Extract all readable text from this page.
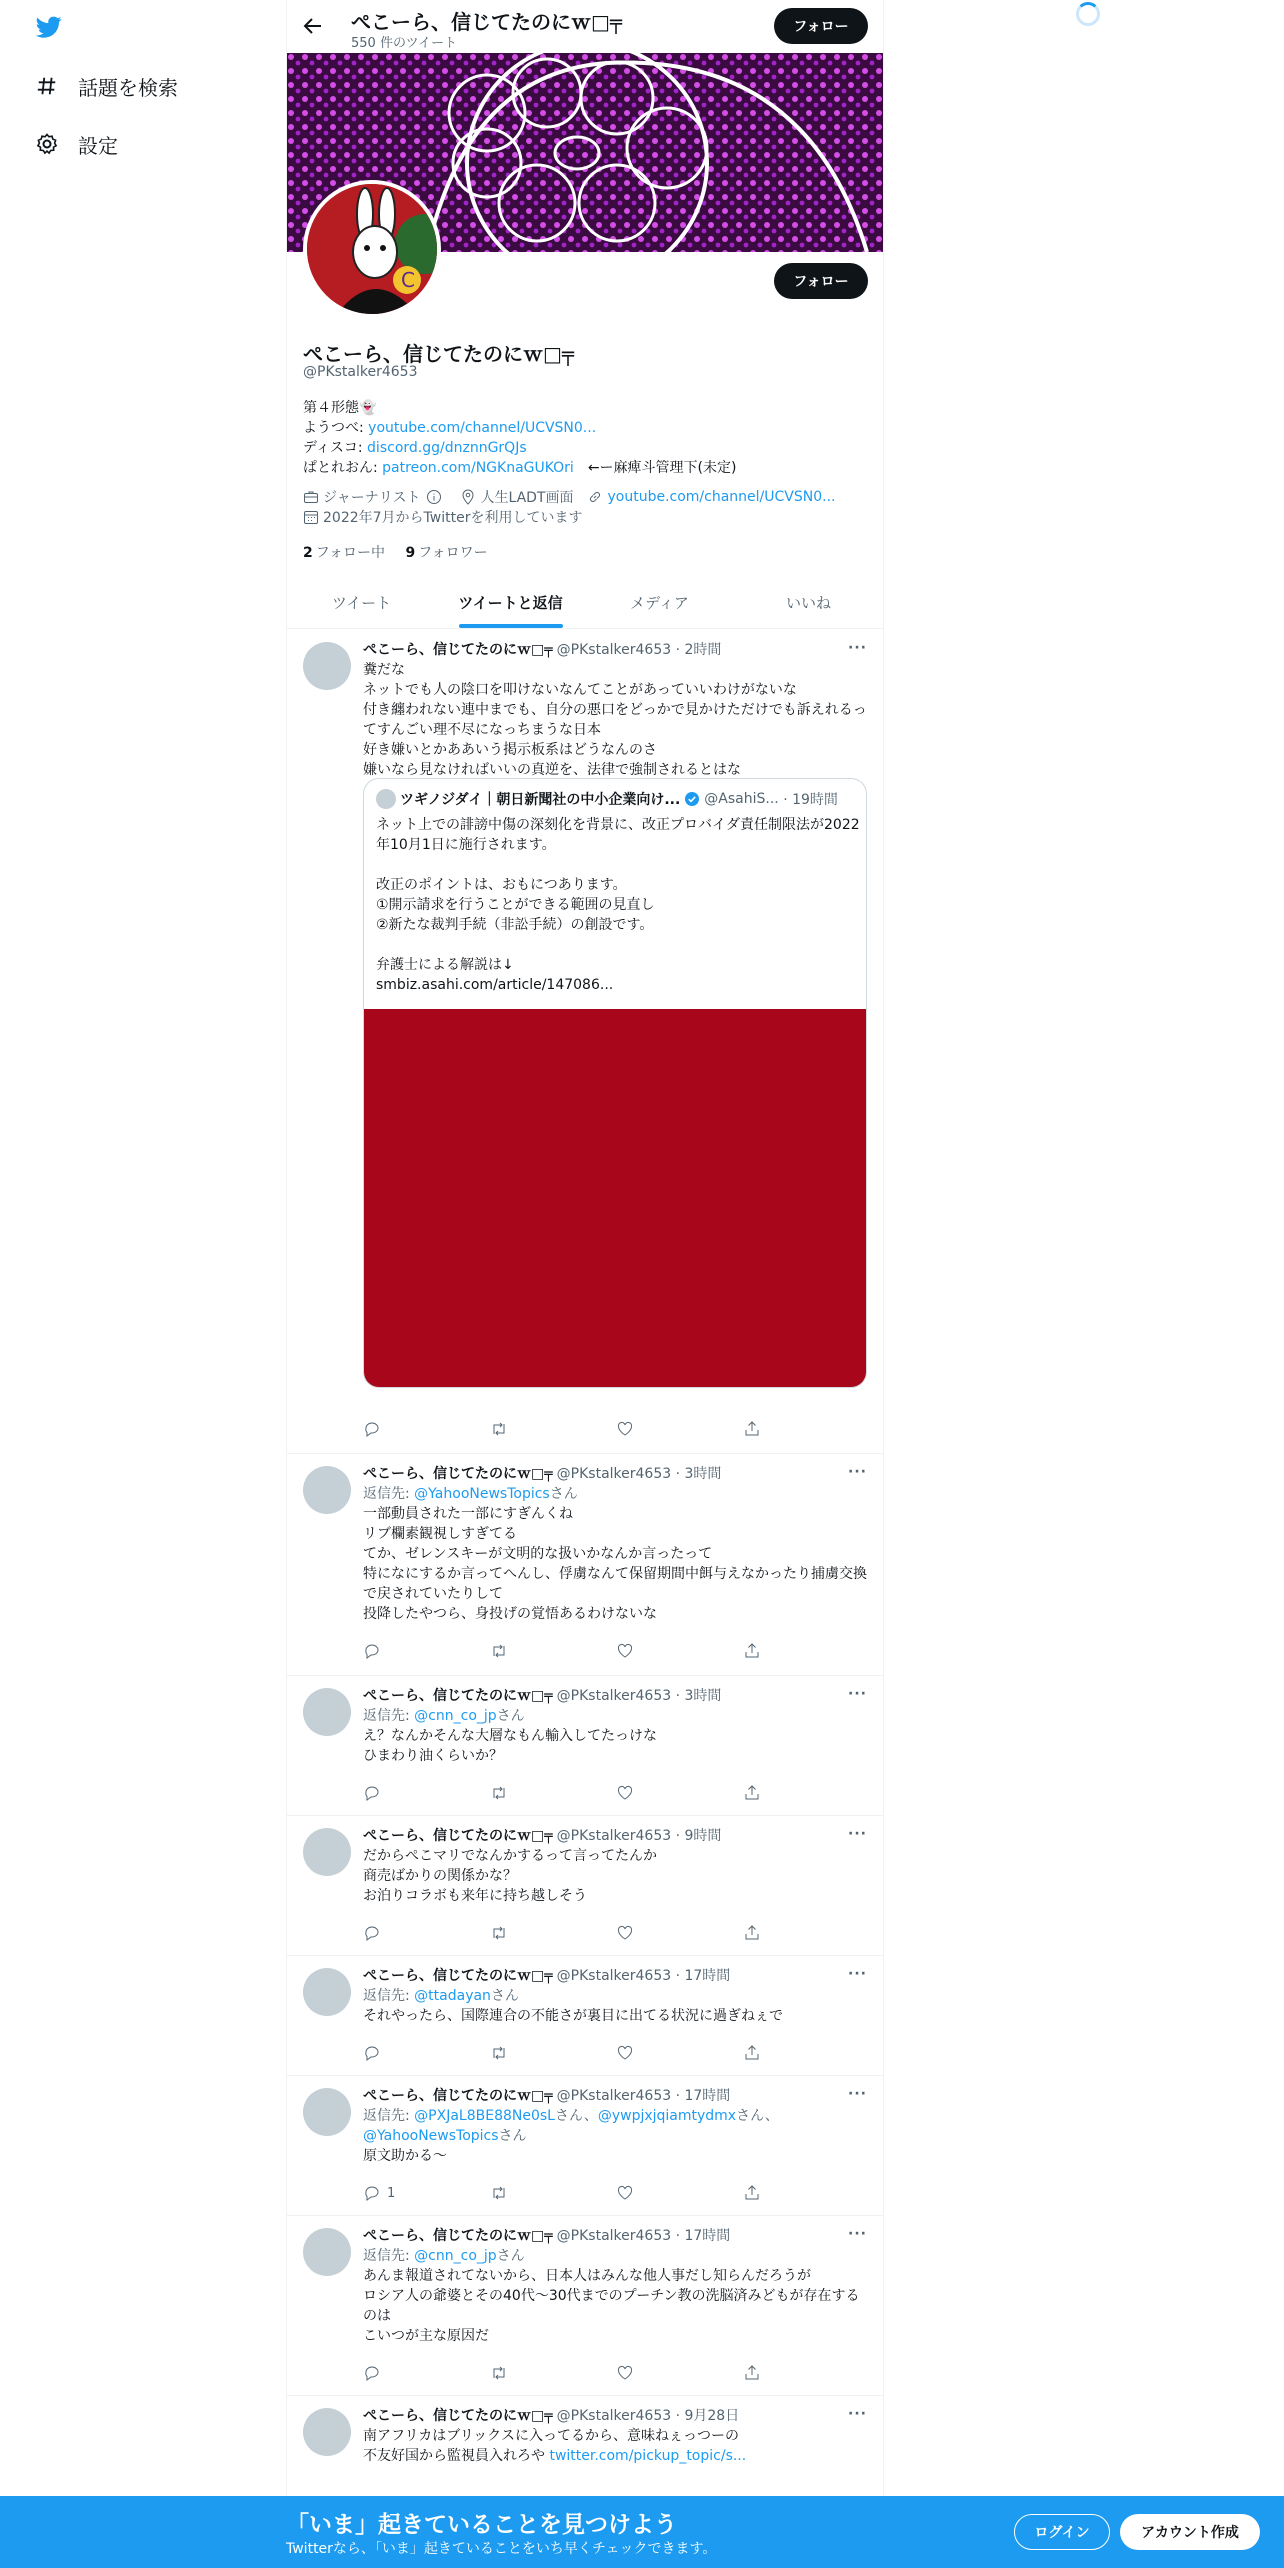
話題を検索
設定
ぺこーら、信じてたのにｗ□╤
550 件のツイート
フォロー
C	フォロー
ぺこーら、信じてたのにｗ□╤
@PKstalker4653
第４形態👻
ようつべ: youtube.com/channel/UCVSN0...
ディスコ: discord.gg/dnznnGrQJs
ぱとれおん: patreon.com/NGKnaGUKOri　←ー麻痺斗管理下(未定)
ジャーナリスト	人生LADT画面 youtube.com/channel/UCVSN0...
2022年7月からTwitterを利用しています
2 フォロー中 9 フォロワー
ツイート	ツイートと返信	メディア	いいね
···
ぺこーら、信じてたのにｗ□╤ @PKstalker4653
· 2時間
糞だな
ネットでも人の陰口を叩けないなんてことがあっていいわけがないな
付き纏われない連中までも、自分の悪口をどっかで見かけただけでも訴えれるってすんごい理不尽になっちまうな日本
好き嫌いとかああいう掲示板系はどうなんのさ
嫌いなら見なければいいの真逆を、法律で強制されるとはな
ツギノジダイ｜朝日新聞社の中小企業向け... @AsahiS...
· 19時間
ネット上での誹謗中傷の深刻化を背景に、改正プロバイダ責任制限法が2022年10月1日に施行されます。

改正のポイントは、おもにつあります。
①開示請求を行うことができる範囲の見直し
②新たな裁判手続（非訟手続）の創設です。

弁護士による解説は↓
smbiz.asahi.com/article/147086...
···
ぺこーら、信じてたのにｗ□╤ @PKstalker4653
· 3時間
返信先: @YahooNewsTopicsさん
一部動員された一部にすぎんくね
リブ欄素観視しすぎてる
てか、ゼレンスキーが文明的な扱いかなんか言ったって
特になにするか言ってへんし、俘虜なんて保留期間中餌与えなかったり捕虜交換で戻されていたりして
投降したやつら、身投げの覚悟あるわけないな
···
ぺこーら、信じてたのにｗ□╤ @PKstalker4653
· 3時間
返信先: @cnn_co_jpさん
え？なんかそんな大層なもん輸入してたっけな
ひまわり油くらいか？
···
ぺこーら、信じてたのにｗ□╤ @PKstalker4653
· 9時間
だからぺこマリでなんかするって言ってたんか
商売ばかりの関係かな？
お泊りコラボも来年に持ち越しそう
···
ぺこーら、信じてたのにｗ□╤ @PKstalker4653
· 17時間
返信先: @ttadayanさん
それやったら、国際連合の不能さが裏目に出てる状況に過ぎねぇで
···
ぺこーら、信じてたのにｗ□╤ @PKstalker4653
· 17時間
返信先: @PXJaL8BE88Ne0sLさん、@ywpjxjqiamtydmxさん、
@YahooNewsTopicsさん
原文助かる〜
1
···
ぺこーら、信じてたのにｗ□╤ @PKstalker4653
· 17時間
返信先: @cnn_co_jpさん
あんま報道されてないから、日本人はみんな他人事だし知らんだろうが
ロシア人の爺婆とその40代〜30代までのプーチン教の洗脳済みどもが存在するのは
こいつが主な原因だ
···
ぺこーら、信じてたのにｗ□╤ @PKstalker4653
· 9月28日
南アフリカはブリックスに入ってるから、意味ねぇっつーの
不友好国から監視員入れろや twitter.com/pickup_topic/s...
「いま」起きていることを見つけよう
Twitterなら、「いま」起きていることをいち早くチェックできます。
ログイン	アカウント作成
